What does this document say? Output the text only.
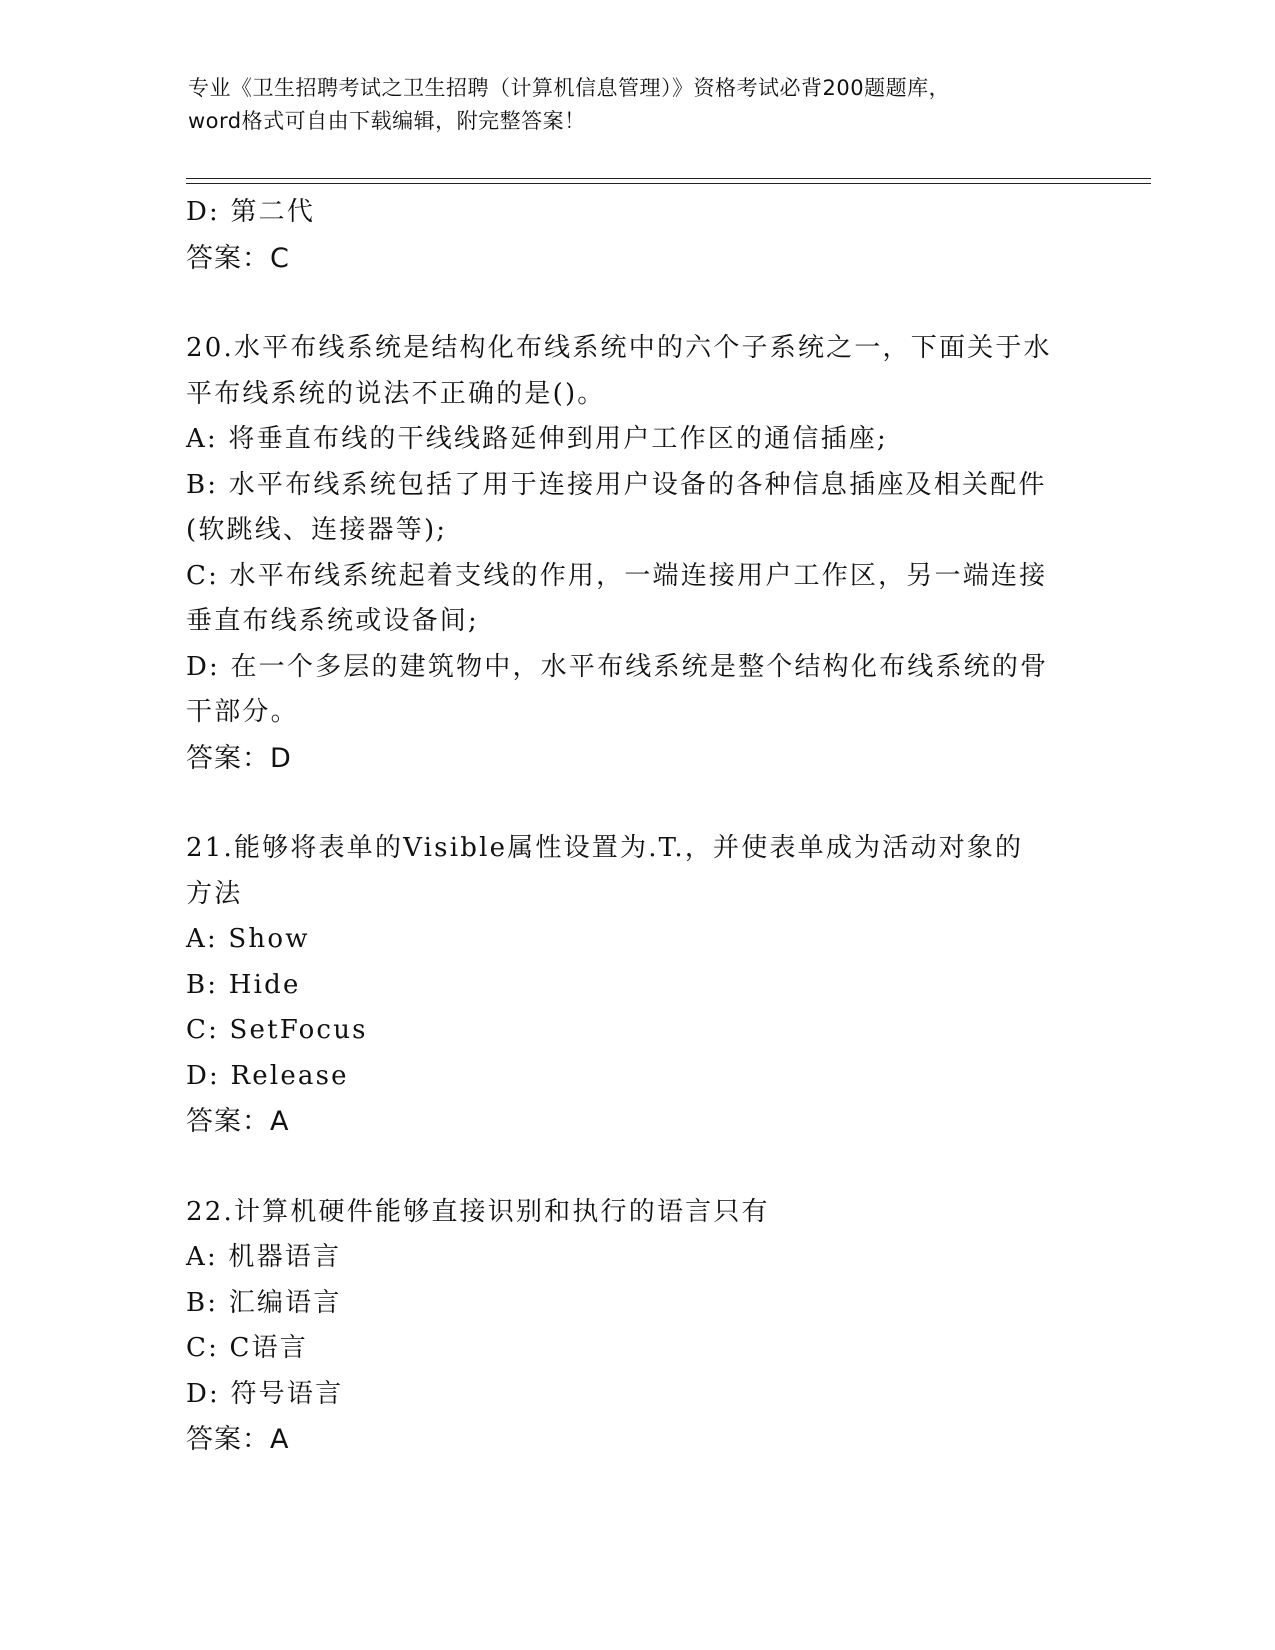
专业《卫生招聘考试之卫生招聘（计算机信息管理）》资格考试必背200题题库，
word格式可自由下载编辑，附完整答案！
D: 第二代
答案：C
20.水平布线系统是结构化布线系统中的六个子系统之一，下面关于水
平布线系统的说法不正确的是()。
A: 将垂直布线的干线线路延伸到用户工作区的通信插座;
B: 水平布线系统包括了用于连接用户设备的各种信息插座及相关配件
(软跳线、连接器等);
C: 水平布线系统起着支线的作用，一端连接用户工作区，另一端连接
垂直布线系统或设备间;
D: 在一个多层的建筑物中，水平布线系统是整个结构化布线系统的骨
干部分。
答案：D
21.能够将表单的Visible属性设置为.T.，并使表单成为活动对象的
方法
A: Show
B: Hide
C: SetFocus
D: Release
答案：A
22.计算机硬件能够直接识别和执行的语言只有
A: 机器语言
B: 汇编语言
C: C语言
D: 符号语言
答案：A
